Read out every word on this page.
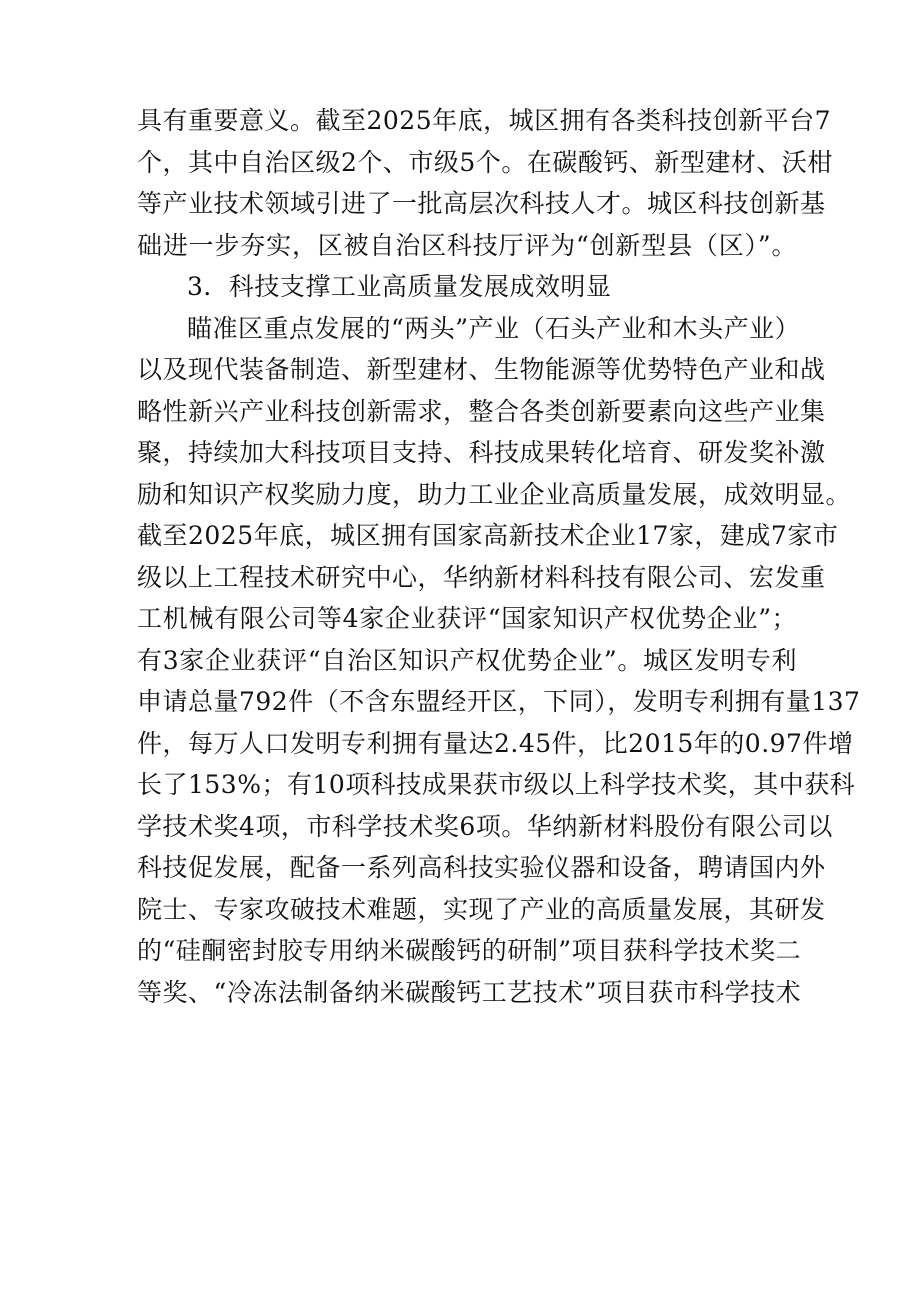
具有重要意义。截至2025年底，城区拥有各类科技创新平台7
个，其中自治区级2个、市级5个。在碳酸钙、新型建材、沃柑
等产业技术领域引进了一批高层次科技人才。城区科技创新基
础进一步夯实，区被自治区科技厅评为“创新型县（区）”。
3．科技支撑工业高质量发展成效明显
瞄准区重点发展的“两头”产业（石头产业和木头产业）
以及现代装备制造、新型建材、生物能源等优势特色产业和战
略性新兴产业科技创新需求，整合各类创新要素向这些产业集
聚，持续加大科技项目支持、科技成果转化培育、研发奖补激
励和知识产权奖励力度，助力工业企业高质量发展，成效明显。
截至2025年底，城区拥有国家高新技术企业17家，建成7家市
级以上工程技术研究中心，华纳新材料科技有限公司、宏发重
工机械有限公司等4家企业获评“国家知识产权优势企业”；
有3家企业获评“自治区知识产权优势企业”。城区发明专利
申请总量792件（不含东盟经开区，下同），发明专利拥有量137
件，每万人口发明专利拥有量达2.45件，比2015年的0.97件增
长了153%；有10项科技成果获市级以上科学技术奖，其中获科
学技术奖4项，市科学技术奖6项。华纳新材料股份有限公司以
科技促发展，配备一系列高科技实验仪器和设备，聘请国内外
院士、专家攻破技术难题，实现了产业的高质量发展，其研发
的“硅酮密封胶专用纳米碳酸钙的研制”项目获科学技术奖二
等奖、“冷冻法制备纳米碳酸钙工艺技术”项目获市科学技术
